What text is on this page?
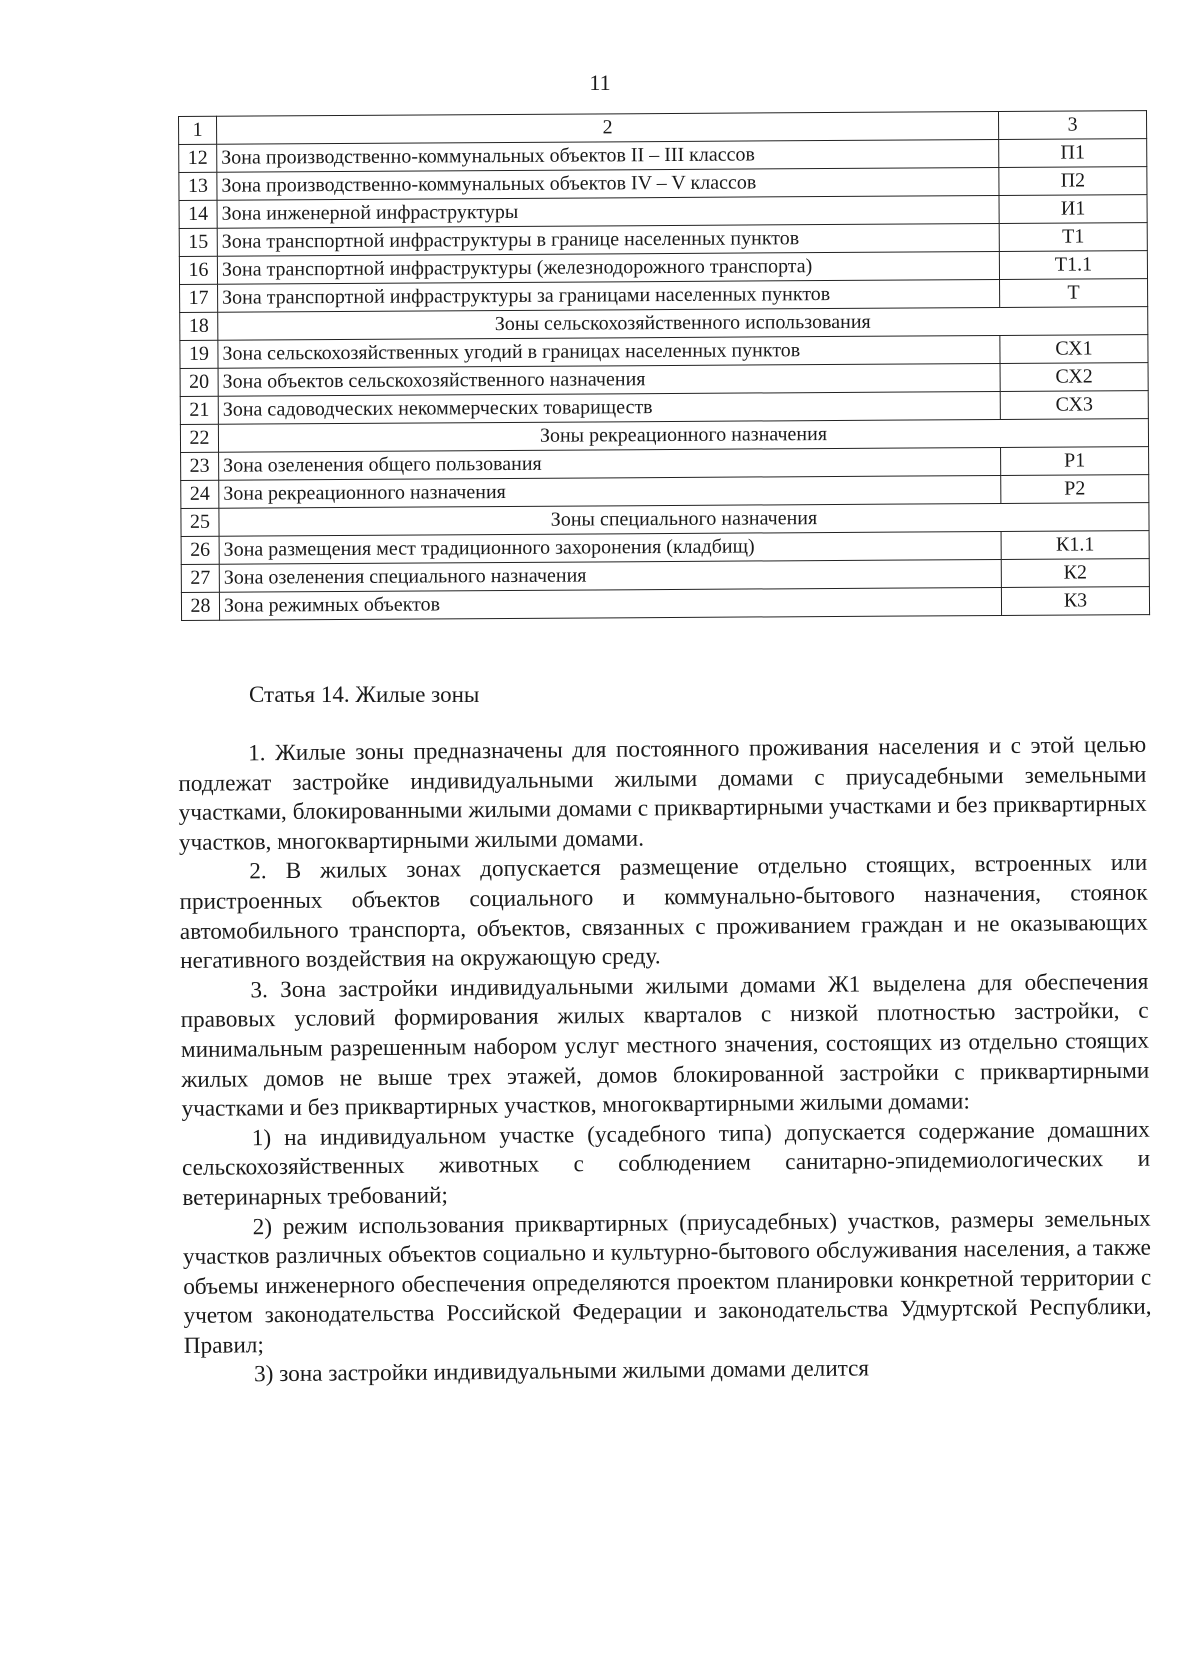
11
1	2	3
12	Зона производственно-коммунальных объектов II – III классов	П1
13	Зона производственно-коммунальных объектов IV – V классов	П2
14	Зона инженерной инфраструктуры	И1
15	Зона транспортной инфраструктуры в границе населенных пунктов	Т1
16	Зона транспортной инфраструктуры (железнодорожного транспорта)	Т1.1
17	Зона транспортной инфраструктуры за границами населенных пунктов	Т
18	Зоны сельскохозяйственного использования	
19	Зона сельскохозяйственных угодий в границах населенных пунктов	СХ1
20	Зона объектов сельскохозяйственного назначения	СХ2
21	Зона садоводческих некоммерческих товариществ	СХ3
22	Зоны рекреационного назначения	
23	Зона озеленения общего пользования	Р1
24	Зона рекреационного назначения	Р2
25	Зоны специального назначения	
26	Зона размещения мест традиционного захоронения (кладбищ)	К1.1
27	Зона озеленения специального назначения	К2
28	Зона режимных объектов	К3
Статья 14. Жилые зоны

1. Жилые зоны предназначены для постоянного проживания населения и с этой целью подлежат застройке индивидуальными жилыми домами с приусадебными земельными участками, блокированными жилыми домами с приквартирными участками и без приквартирных участков, многоквартирными жилыми домами.

2. В жилых зонах допускается размещение отдельно стоящих, встроенных или пристроенных объектов социального и коммунально-бытового назначения, стоянок автомобильного транспорта, объектов, связанных с проживанием граждан и не оказывающих негативного воздействия на окружающую среду.

3. Зона застройки индивидуальными жилыми домами Ж1 выделена для обеспечения правовых условий формирования жилых кварталов с низкой плотностью застройки, с минимальным разрешенным набором услуг местного значения, состоящих из отдельно стоящих жилых домов не выше трех этажей, домов блокированной застройки с приквартирными участками и без приквартирных участков, многоквартирными жилыми домами:

1) на индивидуальном участке (усадебного типа) допускается содержание домашних сельскохозяйственных животных с соблюдением санитарно-эпидемиологических и ветеринарных требований;

2) режим использования приквартирных (приусадебных) участков, размеры земельных участков различных объектов социально и культурно-бытового обслуживания населения, а также объемы инженерного обеспечения определяются проектом планировки конкретной территории с учетом законодательства Российской Федерации и законодательства Удмуртской Республики, Правил;

3) зона застройки индивидуальными жилыми домами делится
